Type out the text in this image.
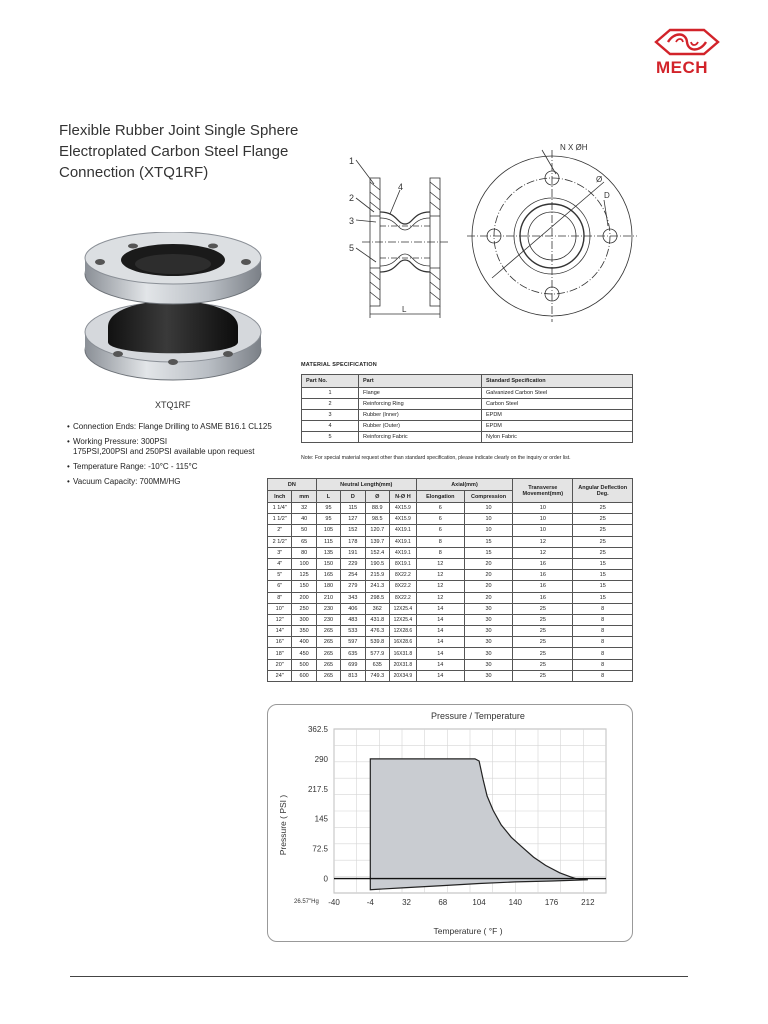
MECH
Flexible Rubber Joint Single Sphere
Electroplated Carbon Steel Flange
Connection (XTQ1RF)
XTQ1RF
• Connection Ends: Flange Drilling to ASME B16.1 CL125
• Working Pressure: 300PSI
175PSI,200PSI and 250PSI available upon request
• Temperature Range: -10°C - 115°C
• Vacuum Capacity: 700MM/HG
1
2
3
4
5
L
N X ØH
Ø
D
MATERIAL SPECIFICATION
Part No.	Part	Standard Specification
1	Flange	Galvanized Carbon Steel
2	Reinforcing Ring	Carbon Steel
3	Rubber (Inner)	EPDM
4	Rubber (Outer)	EPDM
5	Reinforcing Fabric	Nylon Fabric
Note: For special material request other than standard specification, please indicate clearly on the inquiry or order list.
DN		Neutral Length(mm)				Axial(mm)		Transverse Movement(mm)	Angular Deflection Deg.
Inch	mm	L	D	Ø	N-Ø H	Elongation	Compression		
1 1/4"	32	95	115	88.9	4X15.9	6	10	10	25
1 1/2"	40	95	127	98.5	4X15.9	6	10	10	25
2"	50	105	152	120.7	4X19.1	6	10	10	25
2 1/2"	65	115	178	139.7	4X19.1	8	15	12	25
3"	80	135	191	152.4	4X19.1	8	15	12	25
4"	100	150	229	190.5	8X19.1	12	20	16	15
5"	125	165	254	215.9	8X22.2	12	20	16	15
6"	150	180	279	241.3	8X22.2	12	20	16	15
8"	200	210	343	298.5	8X22.2	12	20	16	15
10"	250	230	406	362	12X25.4	14	30	25	8
12"	300	230	483	431.8	12X25.4	14	30	25	8
14"	350	265	533	476.3	12X28.6	14	30	25	8
16"	400	265	597	539.8	16X28.6	14	30	25	8
18"	450	265	635	577.9	16X31.8	14	30	25	8
20"	500	265	699	635	20X31.8	14	30	25	8
24"	600	265	813	749.3	20X34.9	14	30	25	8
Pressure / Temperature
Pressure ( PSI )
Temperature ( °F )
26.57"Hg
362.5
290
217.5
145
72.5
0
-40	-4	32	68	104	140	176	212
